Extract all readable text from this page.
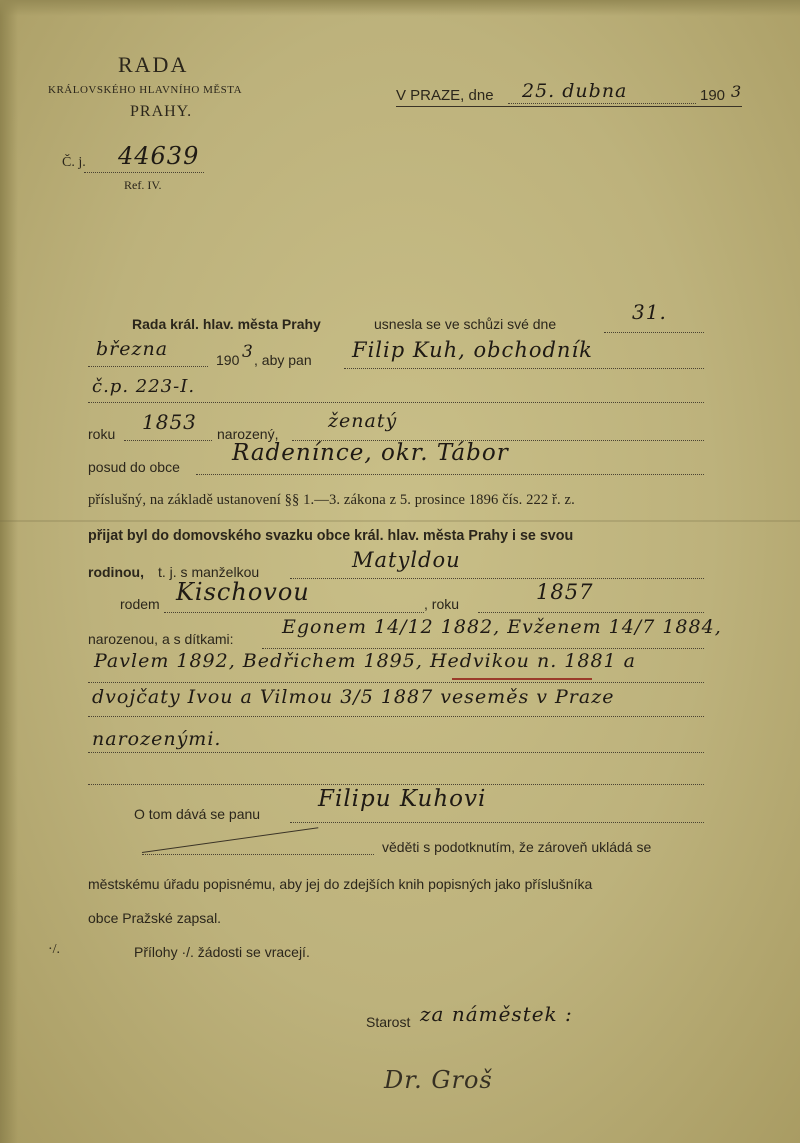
RADA
KRÁLOVSKÉHO HLAVNÍHO MĚSTA
PRAHY.
Č. j. 44639
Ref. IV.
V PRAZE, dne 25. dubna	190 3
Rada král. hlav. města Prahy	usnesla se ve schůzi své dne	31.
března	190 3 , aby pan Filip Kuh, obchodník
č.p. 223-I.
roku 1853 narozený,
ženatý
posud do obce
Radenínce, okr. Tábor
příslušný, na základě ustanovení §§ 1.—3. zákona z 5. prosince 1896 čís. 222 ř. z.
přijat byl do domovského svazku obce král. hlav. města Prahy i se svou
rodinou, t. j. s manželkou	Matyldou
rodem Kischovou	, roku	1857
narozenou, a s dítkami:
Egonem 14/12 1882, Evženem 14/7 1884,
Pavlem 1892, Bedřichem 1895, Hedvikou n. 1881 a
dvojčaty Ivou a Vilmou 3/5 1887 veseměs v Praze
narozenými.
O tom dává se panu
Filipu Kuhovi
věděti s podotknutím, že zároveň ukládá se
městskému úřadu popisnému, aby jej do zdejších knih popisných jako příslušníka
obce Pražské zapsal.
·/.	Přílohy ·/. žádosti se vracejí.
Starost za náměstek :
Dr. Groš
